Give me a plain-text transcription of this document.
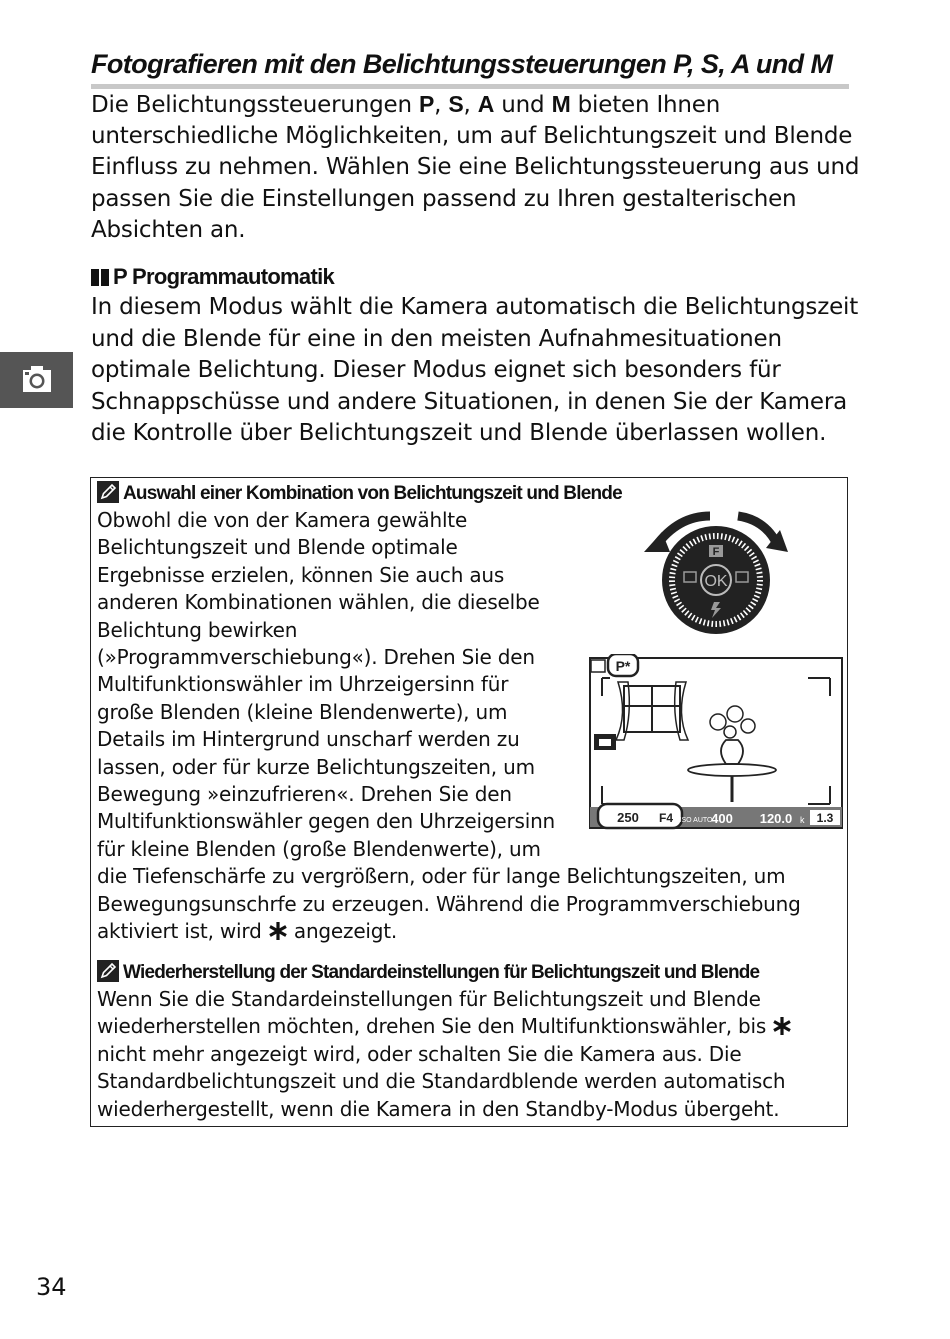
Fotografieren mit den Belichtungssteuerungen P, S, A und M
Die Belichtungssteuerungen P, S, A und M bieten Ihnen unterschiedliche Möglichkeiten, um auf Belichtungszeit und Blende Einfluss zu nehmen. Wählen Sie eine Belichtungssteuerung aus und passen Sie die Einstellungen passend zu Ihren gestalterischen Absichten an.
P Programmautomatik
In diesem Modus wählt die Kamera automatisch die Belichtungszeit und die Blende für eine in den meisten Aufnahmesituationen optimale Belichtung. Dieser Modus eignet sich besonders für Schnappschüsse und andere Situationen, in denen Sie der Kamera die Kontrolle über Belichtungszeit und Blende überlassen wollen.
Auswahl einer Kombination von Belichtungszeit und Blende

Obwohl die von der Kamera gewählte

Belichtungszeit und Blende optimale

Ergebnisse erzielen, können Sie auch aus

anderen Kombinationen wählen, die dieselbe

Belichtung bewirken

(»Programmverschiebung«). Drehen Sie den

Multifunktionswähler im Uhrzeigersinn für

große Blenden (kleine Blendenwerte), um

Details im Hintergrund unscharf werden zu

lassen, oder für kurze Belichtungszeiten, um

Bewegung »einzufrieren«. Drehen Sie den

Multifunktionswähler gegen den Uhrzeigersinn

für kleine Blenden (große Blendenwerte), um

die Tiefenschärfe zu vergrößern, oder für lange Belichtungszeiten, um

Bewegungsunschrfe zu erzeugen. Während die Programmverschiebung

aktiviert ist, wird  angezeigt.

OK
F
P*
250 F4 ISO AUTO
400 120.0 k 1.3
Wiederherstellung der Standardeinstellungen für Belichtungszeit und Blende

Wenn Sie die Standardeinstellungen für Belichtungszeit und Blende

wiederherstellen möchten, drehen Sie den Multifunktionswähler, bis

nicht mehr angezeigt wird, oder schalten Sie die Kamera aus. Die

Standardbelichtungszeit und die Standardblende werden automatisch

wiederhergestellt, wenn die Kamera in den Standby-Modus übergeht.

34
